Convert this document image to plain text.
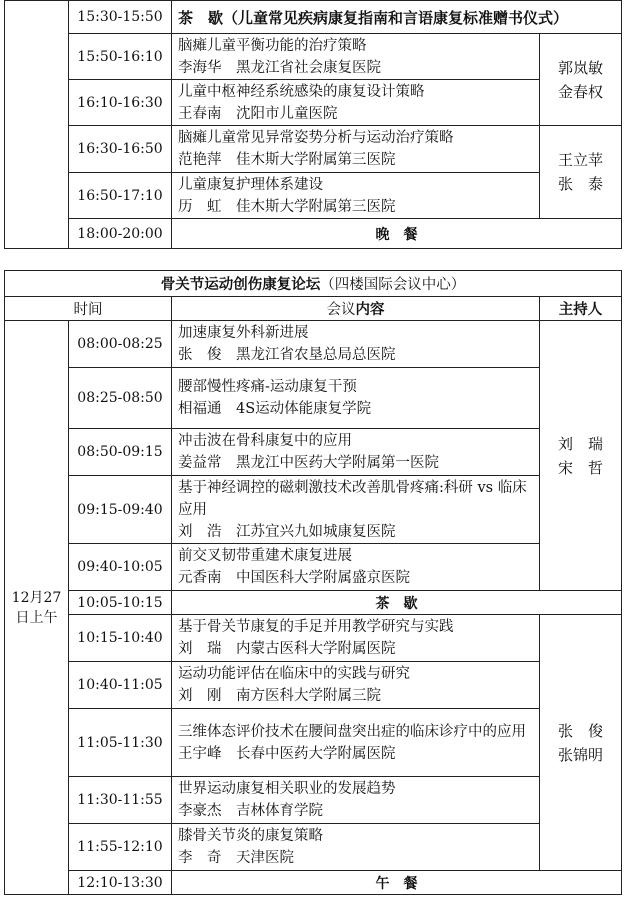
	15:30-15:50	茶　歇（儿童常见疾病康复指南和言语康复标准赠书仪式）	
	15:50-16:10	脑瘫儿童平衡功能的治疗策略
李海华　黑龙江省社会康复医院	郭岚敏
金春权

	16:10-16:30	儿童中枢神经系统感染的康复设计策略
王春南　沈阳市儿童医院	

	16:30-16:50	脑瘫儿童常见异常姿势分析与运动治疗策略
范艳萍　佳木斯大学附属第三医院	王立苹
张　泰

	16:50-17:10	儿童康复护理体系建设
历　虹　佳木斯大学附属第三医院	

	18:00-20:00	晚　餐	
骨关节运动创伤康复论坛（四楼国际会议中心）			
时间		会议内容	主持人

12月27
日上午	08:00-08:25	加速康复外科新进展
张　俊　黑龙江省农垦总局总医院	刘　瑞
宋　哲

	08:25-08:50	腰部慢性疼痛-运动康复干预
相福通　4S运动体能康复学院	

	08:50-09:15	冲击波在骨科康复中的应用
姜益常　黑龙江中医药大学附属第一医院	

	09:15-09:40	基于神经调控的磁刺激技术改善肌骨疼痛:科研 vs 临床应用
刘　浩　江苏宜兴九如城康复医院	

	09:40-10:05	前交叉韧带重建术康复进展
元香南　中国医科大学附属盛京医院	

	10:05-10:15	茶　歇	
	10:15-10:40	基于骨关节康复的手足并用教学研究与实践
刘　瑞　内蒙古医科大学附属医院	张　俊
张锦明

	10:40-11:05	运动功能评估在临床中的实践与研究
刘　刚　南方医科大学附属三院	

	11:05-11:30	三维体态评价技术在腰间盘突出症的临床诊疗中的应用
王宇峰　长春中医药大学附属医院	

	11:30-11:55	世界运动康复相关职业的发展趋势
李豪杰　吉林体育学院	

	11:55-12:10	膝骨关节炎的康复策略
李　奇　天津医院	

	12:10-13:30	午　餐	
